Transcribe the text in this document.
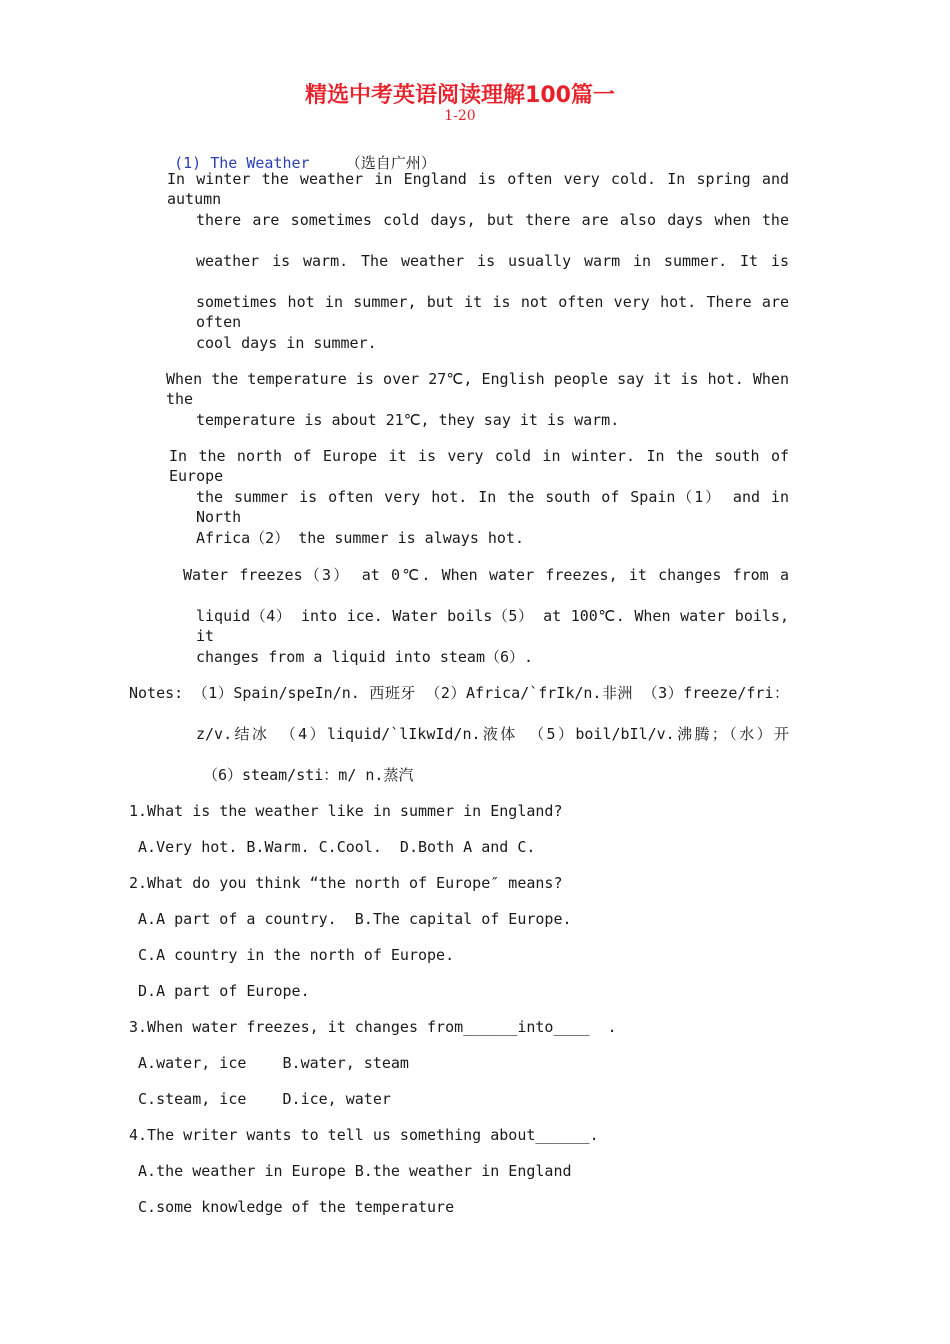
精选中考英语阅读理解100篇一
1-20

(1) The Weather （选自广州）

In winter the weather in England is often very cold. In spring and autumn
there are sometimes cold days, but there are also days when the
weather is warm. The weather is usually warm in summer. It is
sometimes hot in summer, but it is not often very hot. There are often
cool days in summer.
When the temperature is over 27℃, English people say it is hot. When the
temperature is about 21℃, they say it is warm.
In the north of Europe it is very cold in winter. In the south of Europe
the summer is often very hot. In the south of Spain（1） and in North
Africa（2） the summer is always hot.
Water freezes（3） at 0℃. When water freezes, it changes from a
liquid（4） into ice. Water boils（5） at 100℃. When water boils, it
changes from a liquid into steam（6）.
Notes: （1）Spain/speIn/n. 西班牙 （2）Africa/`frIk/n.非洲 （3）freeze/fri：
z/v.结冰 （4）liquid/`lIkwId/n.液体 （5）boil/bIl/v.沸腾；（水）开
（6）steam/sti：m/ n.蒸汽
1.What is the weather like in summer in England?
A.Very hot. B.Warm. C.Cool.  D.Both A and C.
2.What do you think “the north of Europe″ means?
A.A part of a country.  B.The capital of Europe.
C.A country in the north of Europe.
D.A part of Europe.
3.When water freezes, it changes from______into____  .
A.water, ice    B.water, steam
C.steam, ice    D.ice, water
4.The writer wants to tell us something about______.
A.the weather in Europe B.the weather in England
C.some knowledge of the temperature
